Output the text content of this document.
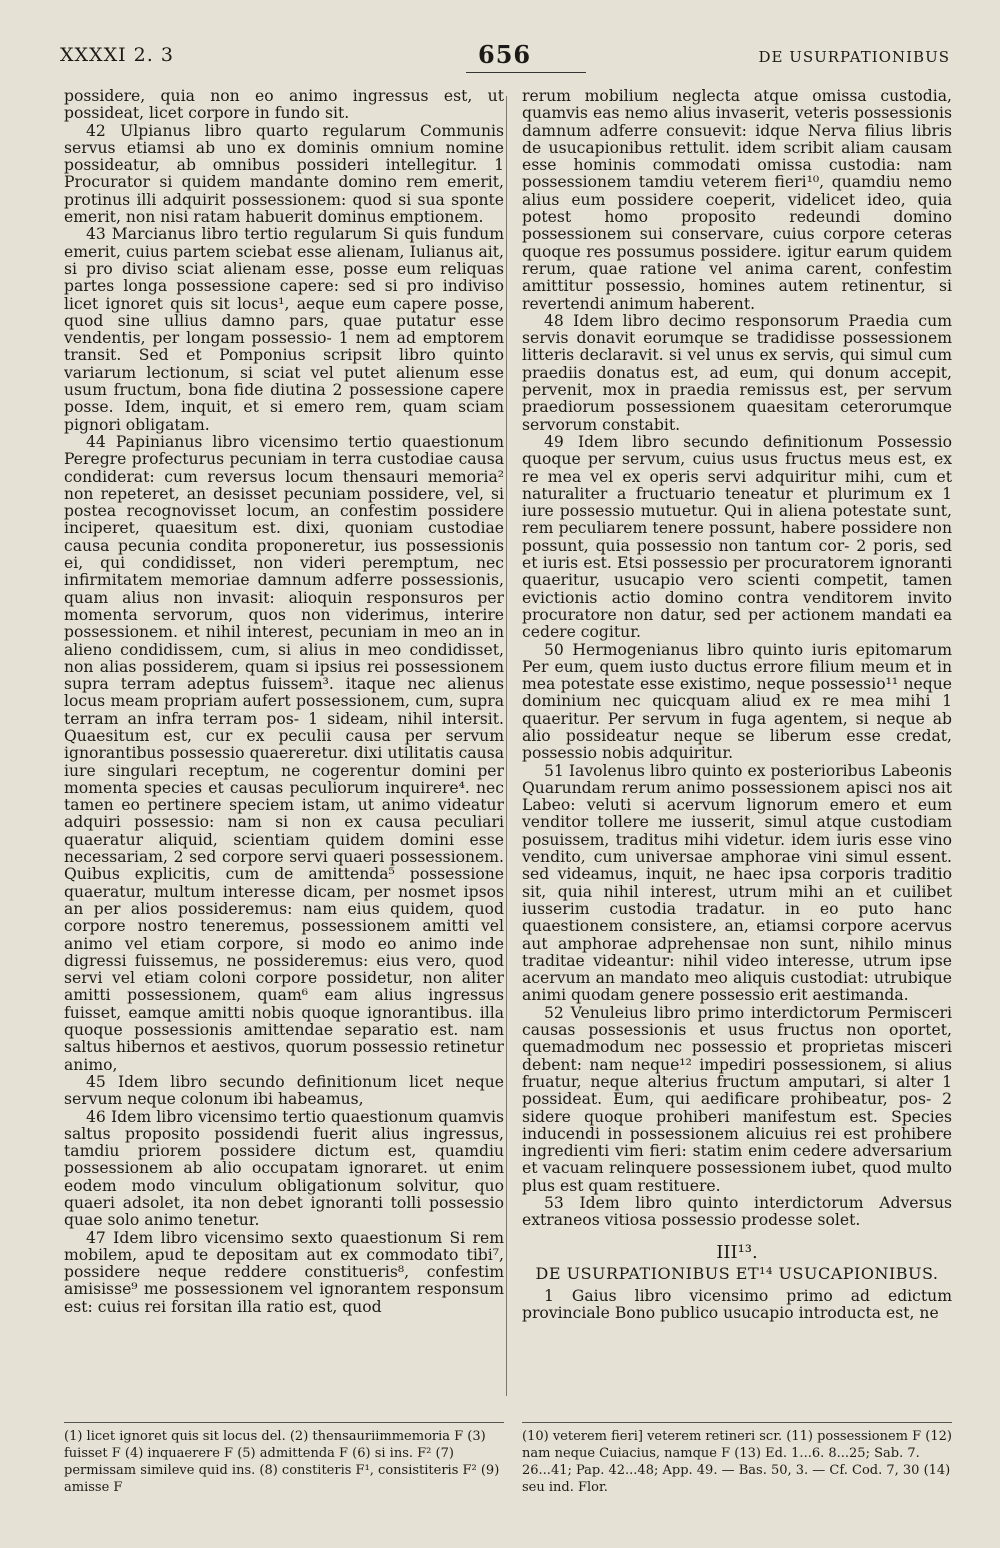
XXXXI 2. 3	656	DE USURPATIONIBUS

possidere, quia non eo animo ingressus est, ut possideat, licet corpore in fundo sit.

42 Ulpianus libro quarto regularum Communis servus etiamsi ab uno ex dominis omnium nomine possideatur, ab omnibus possideri intellegitur. 1 Procurator si quidem mandante domino rem emerit, protinus illi adquirit possessionem: quod si sua sponte emerit, non nisi ratam habuerit dominus emptionem.

43 Marcianus libro tertio regularum Si quis fundum emerit, cuius partem sciebat esse alienam, Iulianus ait, si pro diviso sciat alienam esse, posse eum reliquas partes longa possessione capere: sed si pro indiviso licet ignoret quis sit locus¹, aeque eum capere posse, quod sine ullius damno pars, quae putatur esse vendentis, per longam possessio- 1 nem ad emptorem transit. Sed et Pomponius scripsit libro quinto variarum lectionum, si sciat vel putet alienum esse usum fructum, bona fide diutina 2 possessione capere posse. Idem, inquit, et si emero rem, quam sciam pignori obligatam.

44 Papinianus libro vicensimo tertio quaestionum Peregre profecturus pecuniam in terra custodiae causa condiderat: cum reversus locum thensauri memoria² non repeteret, an desisset pecuniam possidere, vel, si postea recognovisset locum, an confestim possidere inciperet, quaesitum est. dixi, quoniam custodiae causa pecunia condita proponeretur, ius possessionis ei, qui condidisset, non videri peremptum, nec infirmitatem memoriae damnum adferre possessionis, quam alius non invasit: alioquin responsuros per momenta servorum, quos non viderimus, interire possessionem. et nihil interest, pecuniam in meo an in alieno condidissem, cum, si alius in meo condidisset, non alias possiderem, quam si ipsius rei possessionem supra terram adeptus fuissem³. itaque nec alienus locus meam propriam aufert possessionem, cum, supra terram an infra terram pos- 1 sideam, nihil intersit. Quaesitum est, cur ex peculii causa per servum ignorantibus possessio quaereretur. dixi utilitatis causa iure singulari receptum, ne cogerentur domini per momenta species et causas peculiorum inquirere⁴. nec tamen eo pertinere speciem istam, ut animo videatur adquiri possessio: nam si non ex causa peculiari quaeratur aliquid, scientiam quidem domini esse necessariam, 2 sed corpore servi quaeri possessionem. Quibus explicitis, cum de amittenda⁵ possessione quaeratur, multum interesse dicam, per nosmet ipsos an per alios possideremus: nam eius quidem, quod corpore nostro teneremus, possessionem amitti vel animo vel etiam corpore, si modo eo animo inde digressi fuissemus, ne possideremus: eius vero, quod servi vel etiam coloni corpore possidetur, non aliter amitti possessionem, quam⁶ eam alius ingressus fuisset, eamque amitti nobis quoque ignorantibus. illa quoque possessionis amittendae separatio est. nam saltus hibernos et aestivos, quorum possessio retinetur animo,

45 Idem libro secundo definitionum licet neque servum neque colonum ibi habeamus,

46 Idem libro vicensimo tertio quaestionum quamvis saltus proposito possidendi fuerit alius ingressus, tamdiu priorem possidere dictum est, quamdiu possessionem ab alio occupatam ignoraret. ut enim eodem modo vinculum obligationum solvitur, quo quaeri adsolet, ita non debet ignoranti tolli possessio quae solo animo tenetur.

47 Idem libro vicensimo sexto quaestionum Si rem mobilem, apud te depositam aut ex commodato tibi⁷, possidere neque reddere constitueris⁸, confestim amisisse⁹ me possessionem vel ignorantem responsum est: cuius rei forsitan illa ratio est, quod

rerum mobilium neglecta atque omissa custodia, quamvis eas nemo alius invaserit, veteris possessionis damnum adferre consuevit: idque Nerva filius libris de usucapionibus rettulit. idem scribit aliam causam esse hominis commodati omissa custodia: nam possessionem tamdiu veterem fieri¹⁰, quamdiu nemo alius eum possidere coeperit, videlicet ideo, quia potest homo proposito redeundi domino possessionem sui conservare, cuius corpore ceteras quoque res possumus possidere. igitur earum quidem rerum, quae ratione vel anima carent, confestim amittitur possessio, homines autem retinentur, si revertendi animum haberent.

48 Idem libro decimo responsorum Praedia cum servis donavit eorumque se tradidisse possessionem litteris declaravit. si vel unus ex servis, qui simul cum praediis donatus est, ad eum, qui donum accepit, pervenit, mox in praedia remissus est, per servum praediorum possessionem quaesitam ceterorumque servorum constabit.

49 Idem libro secundo definitionum Possessio quoque per servum, cuius usus fructus meus est, ex re mea vel ex operis servi adquiritur mihi, cum et naturaliter a fructuario teneatur et plurimum ex 1 iure possessio mutuetur. Qui in aliena potestate sunt, rem peculiarem tenere possunt, habere possidere non possunt, quia possessio non tantum cor- 2 poris, sed et iuris est. Etsi possessio per procuratorem ignoranti quaeritur, usucapio vero scienti competit, tamen evictionis actio domino contra venditorem invito procuratore non datur, sed per actionem mandati ea cedere cogitur.

50 Hermogenianus libro quinto iuris epitomarum Per eum, quem iusto ductus errore filium meum et in mea potestate esse existimo, neque possessio¹¹ neque dominium nec quicquam aliud ex re mea mihi 1 quaeritur. Per servum in fuga agentem, si neque ab alio possideatur neque se liberum esse credat, possessio nobis adquiritur.

51 Iavolenus libro quinto ex posterioribus Labeonis Quarundam rerum animo possessionem apisci nos ait Labeo: veluti si acervum lignorum emero et eum venditor tollere me iusserit, simul atque custodiam posuissem, traditus mihi videtur. idem iuris esse vino vendito, cum universae amphorae vini simul essent. sed videamus, inquit, ne haec ipsa corporis traditio sit, quia nihil interest, utrum mihi an et cuilibet iusserim custodia tradatur. in eo puto hanc quaestionem consistere, an, etiamsi corpore acervus aut amphorae adprehensae non sunt, nihilo minus traditae videantur: nihil video interesse, utrum ipse acervum an mandato meo aliquis custodiat: utrubique animi quodam genere possessio erit aestimanda.

52 Venuleius libro primo interdictorum Permisceri causas possessionis et usus fructus non oportet, quemadmodum nec possessio et proprietas misceri debent: nam neque¹² impediri possessionem, si alius fruatur, neque alterius fructum amputari, si alter 1 possideat. Eum, qui aedificare prohibeatur, pos- 2 sidere quoque prohiberi manifestum est. Species inducendi in possessionem alicuius rei est prohibere ingredienti vim fieri: statim enim cedere adversarium et vacuam relinquere possessionem iubet, quod multo plus est quam restituere.

53 Idem libro quinto interdictorum Adversus extraneos vitiosa possessio prodesse solet.

III¹³.
DE USURPATIONIBUS ET¹⁴ USUCAPIONIBUS.

1 Gaius libro vicensimo primo ad edictum provinciale Bono publico usucapio introducta est, ne

(1) licet ignoret quis sit locus del. (2) thensauriimmemoria F (3) fuisset F (4) inquaerere F (5) admittenda F (6) si ins. F² (7) permissam simileve quid ins. (8) constiteris F¹, consistiteris F² (9) amisse F
(10) veterem fieri] veterem retineri scr. (11) possessionem F (12) nam neque Cuiacius, namque F (13) Ed. 1...6. 8...25; Sab. 7. 26...41; Pap. 42...48; App. 49. — Bas. 50, 3. — Cf. Cod. 7, 30 (14) seu ind. Flor.
